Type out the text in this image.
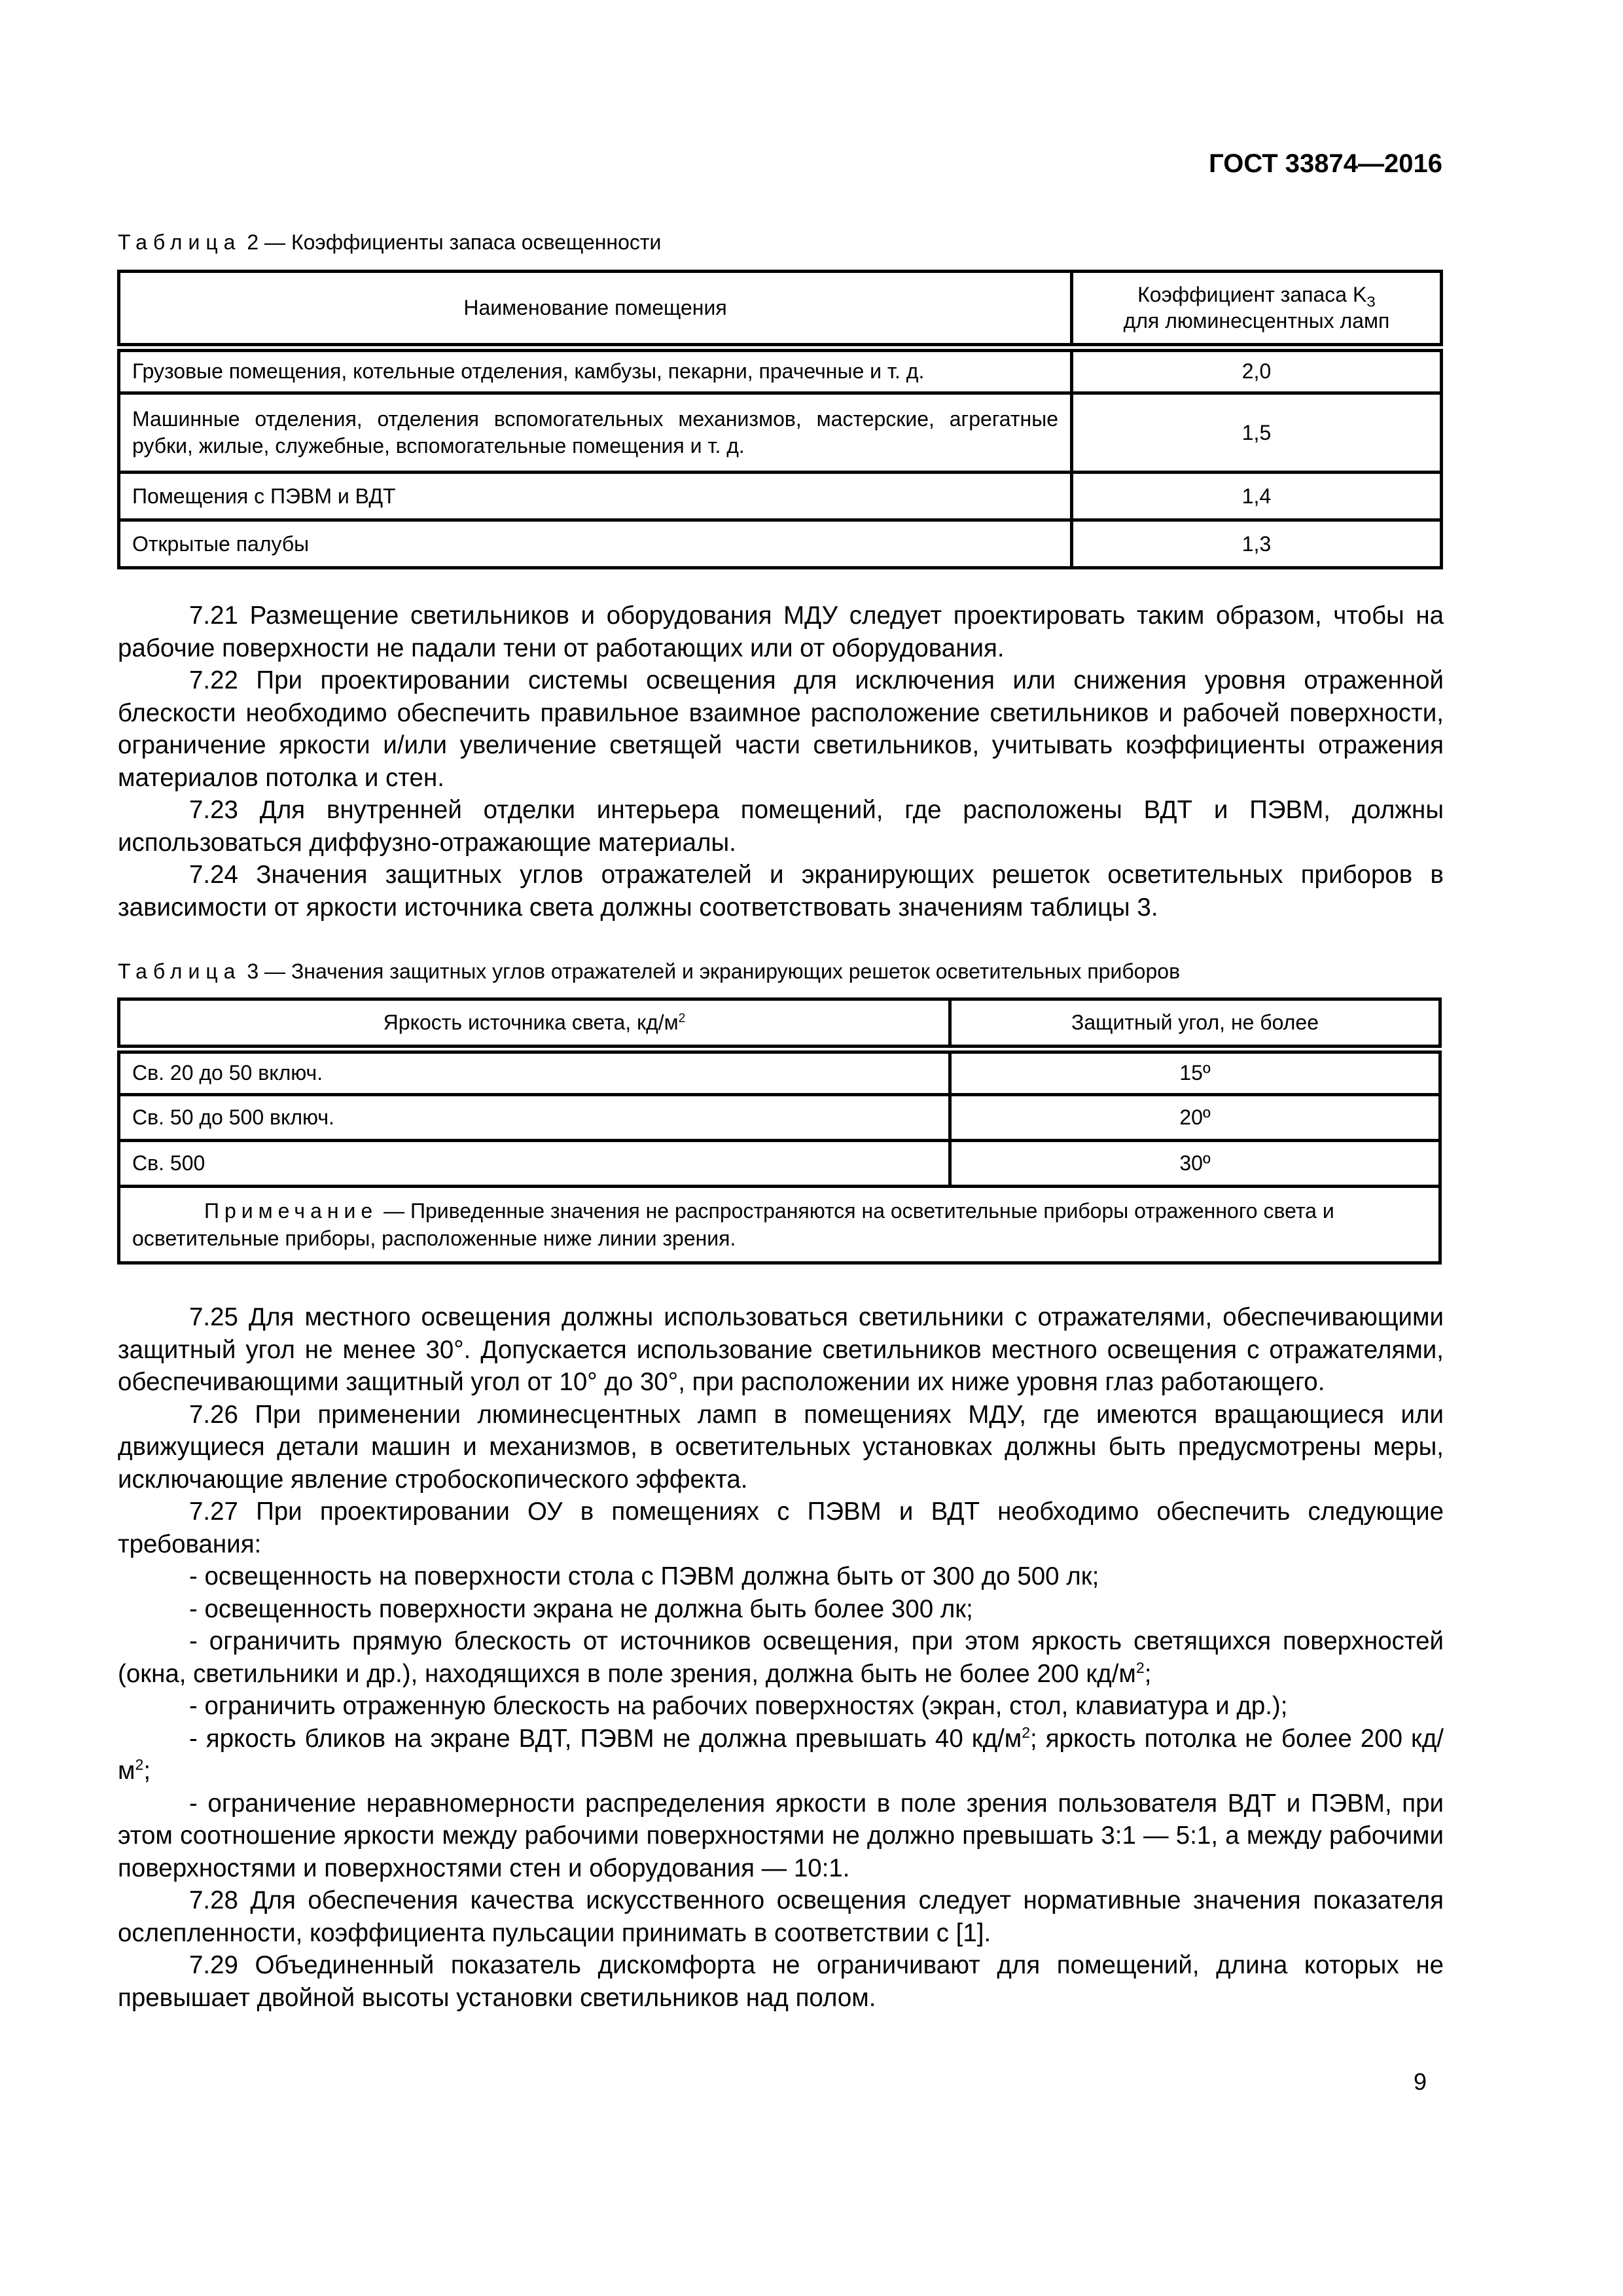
ГОСТ 33874—2016
Таблица 2 — Коэффициенты запаса освещенности
Наименование помещения	Коэффициент запаса $K_З$
для люминесцентных ламп
Грузовые помещения, котельные отделения, камбузы, пекарни, прачечные и т. д.	2,0
Машинные отделения, отделения вспомогательных механизмов, мастерские, агрегатные рубки, жилые, служебные, вспомогательные помещения и т. д.	1,5
Помещения с ПЭВМ и ВДТ	1,4
Открытые палубы	1,3

7.21 Размещение светильников и оборудования МДУ следует проектировать таким образом, чтобы на рабочие поверхности не падали тени от работающих или от оборудования.

7.22 При проектировании системы освещения для исключения или снижения уровня отраженной блескости необходимо обеспечить правильное взаимное расположение светильников и рабочей поверхности, ограничение яркости и/или увеличение светящей части светильников, учитывать коэффициенты отражения материалов потолка и стен.

7.23 Для внутренней отделки интерьера помещений, где расположены ВДТ и ПЭВМ, должны использоваться диффузно-отражающие материалы.

7.24 Значения защитных углов отражателей и экранирующих решеток осветительных приборов в зависимости от яркости источника света должны соответствовать значениям таблицы 3.

Таблица 3 — Значения защитных углов отражателей и экранирующих решеток осветительных приборов
Яркость источника света, $кд/м^2$	Защитный угол, не более
Св. 20 до 50 включ.	15º
Св. 50 до 500 включ.	20º
Св. 500	30º
Примечание — Приведенные значения не распространяются на осветительные приборы отраженного света и осветительные приборы, расположенные ниже линии зрения.	

7.25 Для местного освещения должны использоваться светильники с отражателями, обеспечивающими защитный угол не менее 30°. Допускается использование светильников местного освещения с отражателями, обеспечивающими защитный угол от 10° до 30°, при расположении их ниже уровня глаз работающего.

7.26 При применении люминесцентных ламп в помещениях МДУ, где имеются вращающиеся или движущиеся детали машин и механизмов, в осветительных установках должны быть предусмотрены меры, исключающие явление стробоскопического эффекта.

7.27 При проектировании ОУ в помещениях с ПЭВМ и ВДТ необходимо обеспечить следующие требования:

- освещенность на поверхности стола с ПЭВМ должна быть от 300 до 500 лк;

- освещенность поверхности экрана не должна быть более 300 лк;

- ограничить прямую блескость от источников освещения, при этом яркость светящихся поверхностей (окна, светильники и др.), находящихся в поле зрения, должна быть не более 200 $кд/м^2$;

- ограничить отраженную блескость на рабочих поверхностях (экран, стол, клавиатура и др.);

- яркость бликов на экране ВДТ, ПЭВМ не должна превышать 40 $кд/м^2$; яркость потолка не более 200 $кд/м^2$;

- ограничение неравномерности распределения яркости в поле зрения пользователя ВДТ и ПЭВМ, при этом соотношение яркости между рабочими поверхностями не должно превышать 3:1 — 5:1, а между рабочими поверхностями и поверхностями стен и оборудования — 10:1.

7.28 Для обеспечения качества искусственного освещения следует нормативные значения показателя ослепленности, коэффициента пульсации принимать в соответствии с [1].

7.29 Объединенный показатель дискомфорта не ограничивают для помещений, длина которых не превышает двойной высоты установки светильников над полом.

9
